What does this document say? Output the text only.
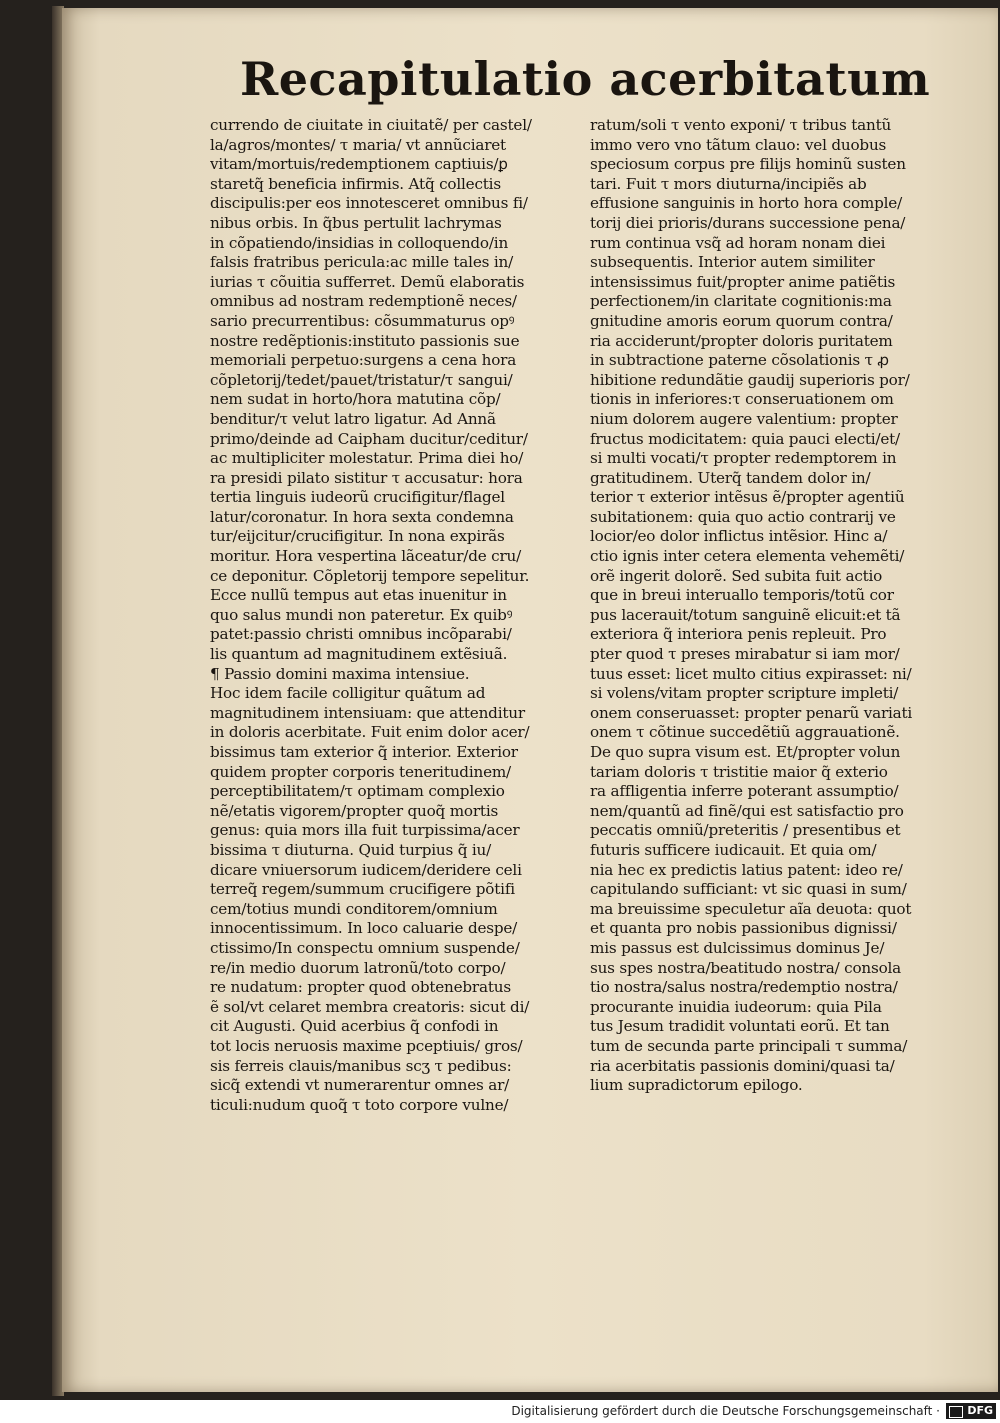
Recapitulatio acerbitatum
currendo de ciuitate in ciuitatẽ/ per castel/
la/agros/montes/ τ maria/ vt annũciaret
vitam/mortuis/redemptionem captiuis/ꝑ
staretq̃ beneficia infirmis. Atq̃ collectis
discipulis:per eos innotesceret omnibus fi/
nibus orbis. In q̃bus pertulit lachrymas
in cõpatiendo/insidias in colloquendo/in
falsis fratribus pericula:ac mille tales in/
iurias τ cõuitia sufferret. Demũ elaboratis
omnibus ad nostram redemptionẽ neces/
sario precurrentibus: cõsummaturus opꝰ
nostre redẽptionis:instituto passionis sue
memoriali perpetuo:surgens a cena hora
cõpletorij/tedet/pauet/tristatur/τ sangui/
nem sudat in horto/hora matutina cõp/
benditur/τ velut latro ligatur. Ad Annã
primo/deinde ad Caipham ducitur/ceditur/
ac multipliciter molestatur. Prima diei ho/
ra presidi pilato sistitur τ accusatur: hora
tertia linguis iudeorũ crucifigitur/flagel
latur/coronatur. In hora sexta condemna
tur/eijcitur/crucifigitur. In nona expirãs
moritur. Hora vespertina lãceatur/de cru/
ce deponitur. Cõpletorij tempore sepelitur.
Ecce nullũ tempus aut etas inuenitur in
quo salus mundi non pateretur. Ex quibꝰ
patet:passio christi omnibus incõparabi/
lis quantum ad magnitudinem extẽsiuã.
¶ Passio domini maxima intensiue.
Hoc idem facile colligitur quãtum ad
magnitudinem intensiuam: que attenditur
in doloris acerbitate. Fuit enim dolor acer/
bissimus tam exterior q̃ interior. Exterior
quidem propter corporis teneritudinem/
perceptibilitatem/τ optimam complexio
nẽ/etatis vigorem/propter quoq̃ mortis
genus: quia mors illa fuit turpissima/acer
bissima τ diuturna. Quid turpius q̃ iu/
dicare vniuersorum iudicem/deridere celi
terreq̃ regem/summum crucifigere põtifi
cem/totius mundi conditorem/omnium
innocentissimum. In loco caluarie despe/
ctissimo/In conspectu omnium suspende/
re/in medio duorum latronũ/toto corpo/
re nudatum: propter quod obtenebratus
ẽ sol/vt celaret membra creatoris: sicut di/
cit Augusti. Quid acerbius q̃ confodi in
tot locis neruosis maxime pceptiuis/ gros/
sis ferreis clauis/manibus scʒ τ pedibus:
sicq̃ extendi vt numerarentur omnes ar/
ticuli:nudum quoq̃ τ toto corpore vulne/
ratum/soli τ vento exponi/ τ tribus tantũ
immo vero vno tãtum clauo: vel duobus
speciosum corpus pre filijs hominũ susten
tari. Fuit τ mors diuturna/incipiẽs ab
effusione sanguinis in horto hora comple/
torij diei prioris/durans successione pena/
rum continua vsq̃ ad horam nonam diei
subsequentis. Interior autem similiter
intensissimus fuit/propter anime patiẽtis
perfectionem/in claritate cognitionis:ma
gnitudine amoris eorum quorum contra/
ria acciderunt/propter doloris puritatem
in subtractione paterne cõsolationis τ ꝓ
hibitione redundãtie gaudij superioris por/
tionis in inferiores:τ conseruationem om
nium dolorem augere valentium: propter
fructus modicitatem: quia pauci electi/et/
si multi vocati/τ propter redemptorem in
gratitudinem. Uterq̃ tandem dolor in/
terior τ exterior intẽsus ẽ/propter agentiũ
subitationem: quia quo actio contrarij ve
locior/eo dolor inflictus intẽsior. Hinc a/
ctio ignis inter cetera elementa vehemẽti/
orẽ ingerit dolorẽ. Sed subita fuit actio
que in breui interuallo temporis/totũ cor
pus lacerauit/totum sanguinẽ elicuit:et tã
exteriora q̃ interiora penis repleuit. Pro
pter quod τ preses mirabatur si iam mor/
tuus esset: licet multo citius expirasset: ni/
si volens/vitam propter scripture impleti/
onem conseruasset: propter penarũ variati
onem τ cõtinue succedẽtiũ aggrauationẽ.
De quo supra visum est. Et/propter volun
tariam doloris τ tristitie maior q̃ exterio
ra affligentia inferre poterant assumptio/
nem/quantũ ad finẽ/qui est satisfactio pro
peccatis omniũ/preteritis / presentibus et
futuris sufficere iudicauit. Et quia om/
nia hec ex predictis latius patent: ideo re/
capitulando sufficiant: vt sic quasi in sum/
ma breuissime speculetur aĩa deuota: quot
et quanta pro nobis passionibus dignissi/
mis passus est dulcissimus dominus Je/
sus spes nostra/beatitudo nostra/ consola
tio nostra/salus nostra/redemptio nostra/
procurante inuidia iudeorum: quia Pila
tus Jesum tradidit voluntati eorũ. Et tan
tum de secunda parte principali τ summa/
ria acerbitatis passionis domini/quasi ta/
lium supradictorum epilogo.
Digitalisierung gefördert durch die Deutsche Forschungsgemeinschaft ·	DFG
